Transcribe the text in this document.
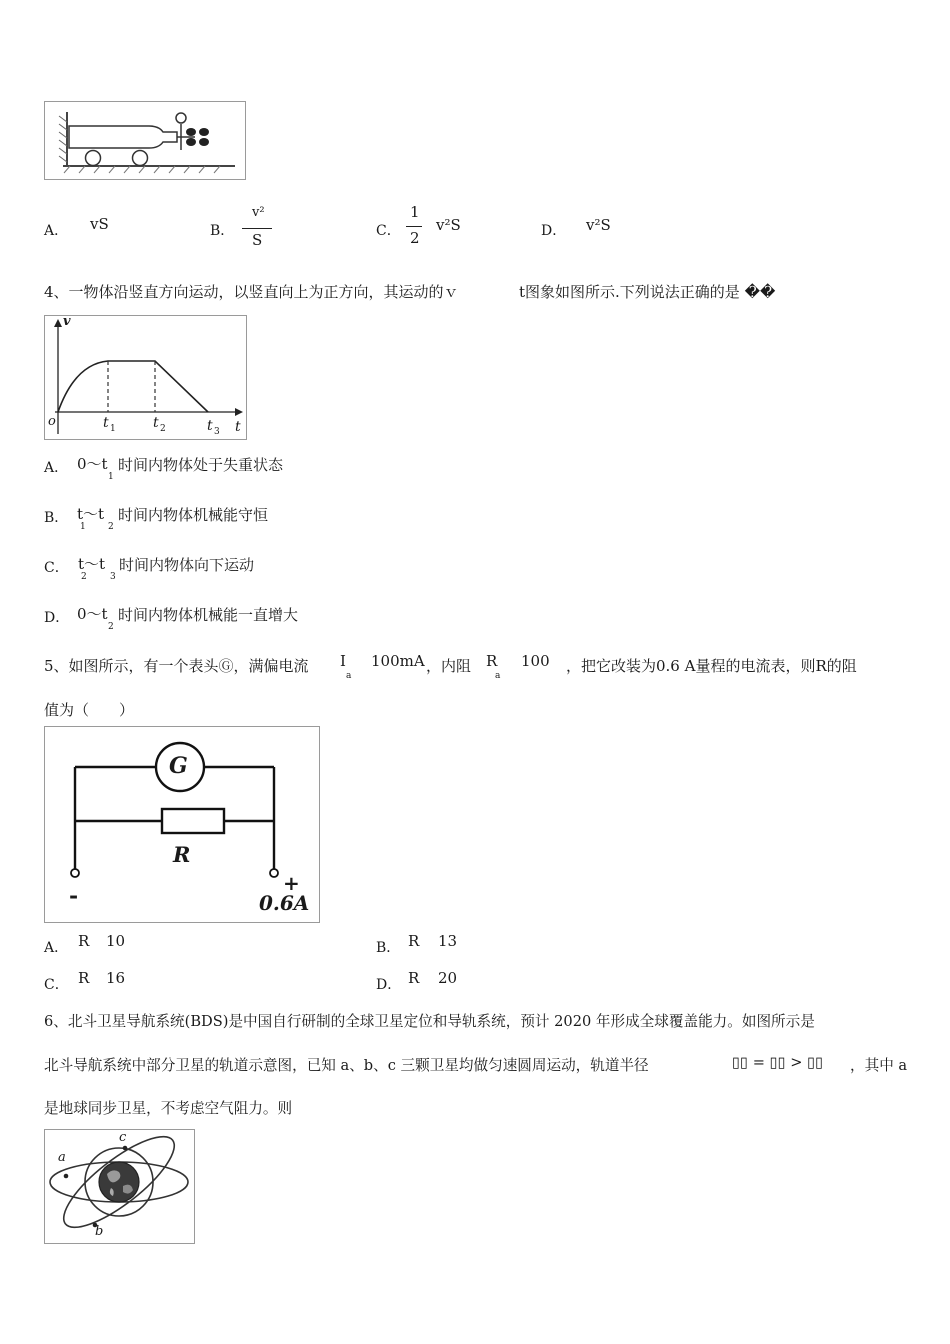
A． vS	B．
v²
S	C．
1
2
v²S	D． v²S
4、一物体沿竖直方向运动，以竖直向上为正方向，其运动的ｖ	t图象如图所示.下列说法正确的是 ��
v
o	t 1	t 2	t 3 t
A． 0～t
1
时间内物体处于失重状态
B． t～t
1 2
时间内物体机械能守恒
C． t～t
2	3
时间内物体向下运动
D． 0～t
2
时间内物体机械能一直增大
5、如图所示，有一个表头Ⓖ，满偏电流 I
a
100mA ，内阻 R
a
100 ，把它改装为0.6 A量程的电流表，则R的阻
值为（　　）
G
R
-	+
0.6A
A． R 10	B． R 13
C． R 16	D． R 20
6、北斗卫星导航系统(BDS)是中国自行研制的全球卫星定位和导轨系统，预计 2020 年形成全球覆盖能力。如图所示是
北斗导航系统中部分卫星的轨道示意图，已知 a、b、c 三颗卫星均做匀速圆周运动，轨道半径	▯▯ = ▯▯ > ▯▯ ，其中 a
是地球同步卫星，不考虑空气阻力。则
a
b
c
